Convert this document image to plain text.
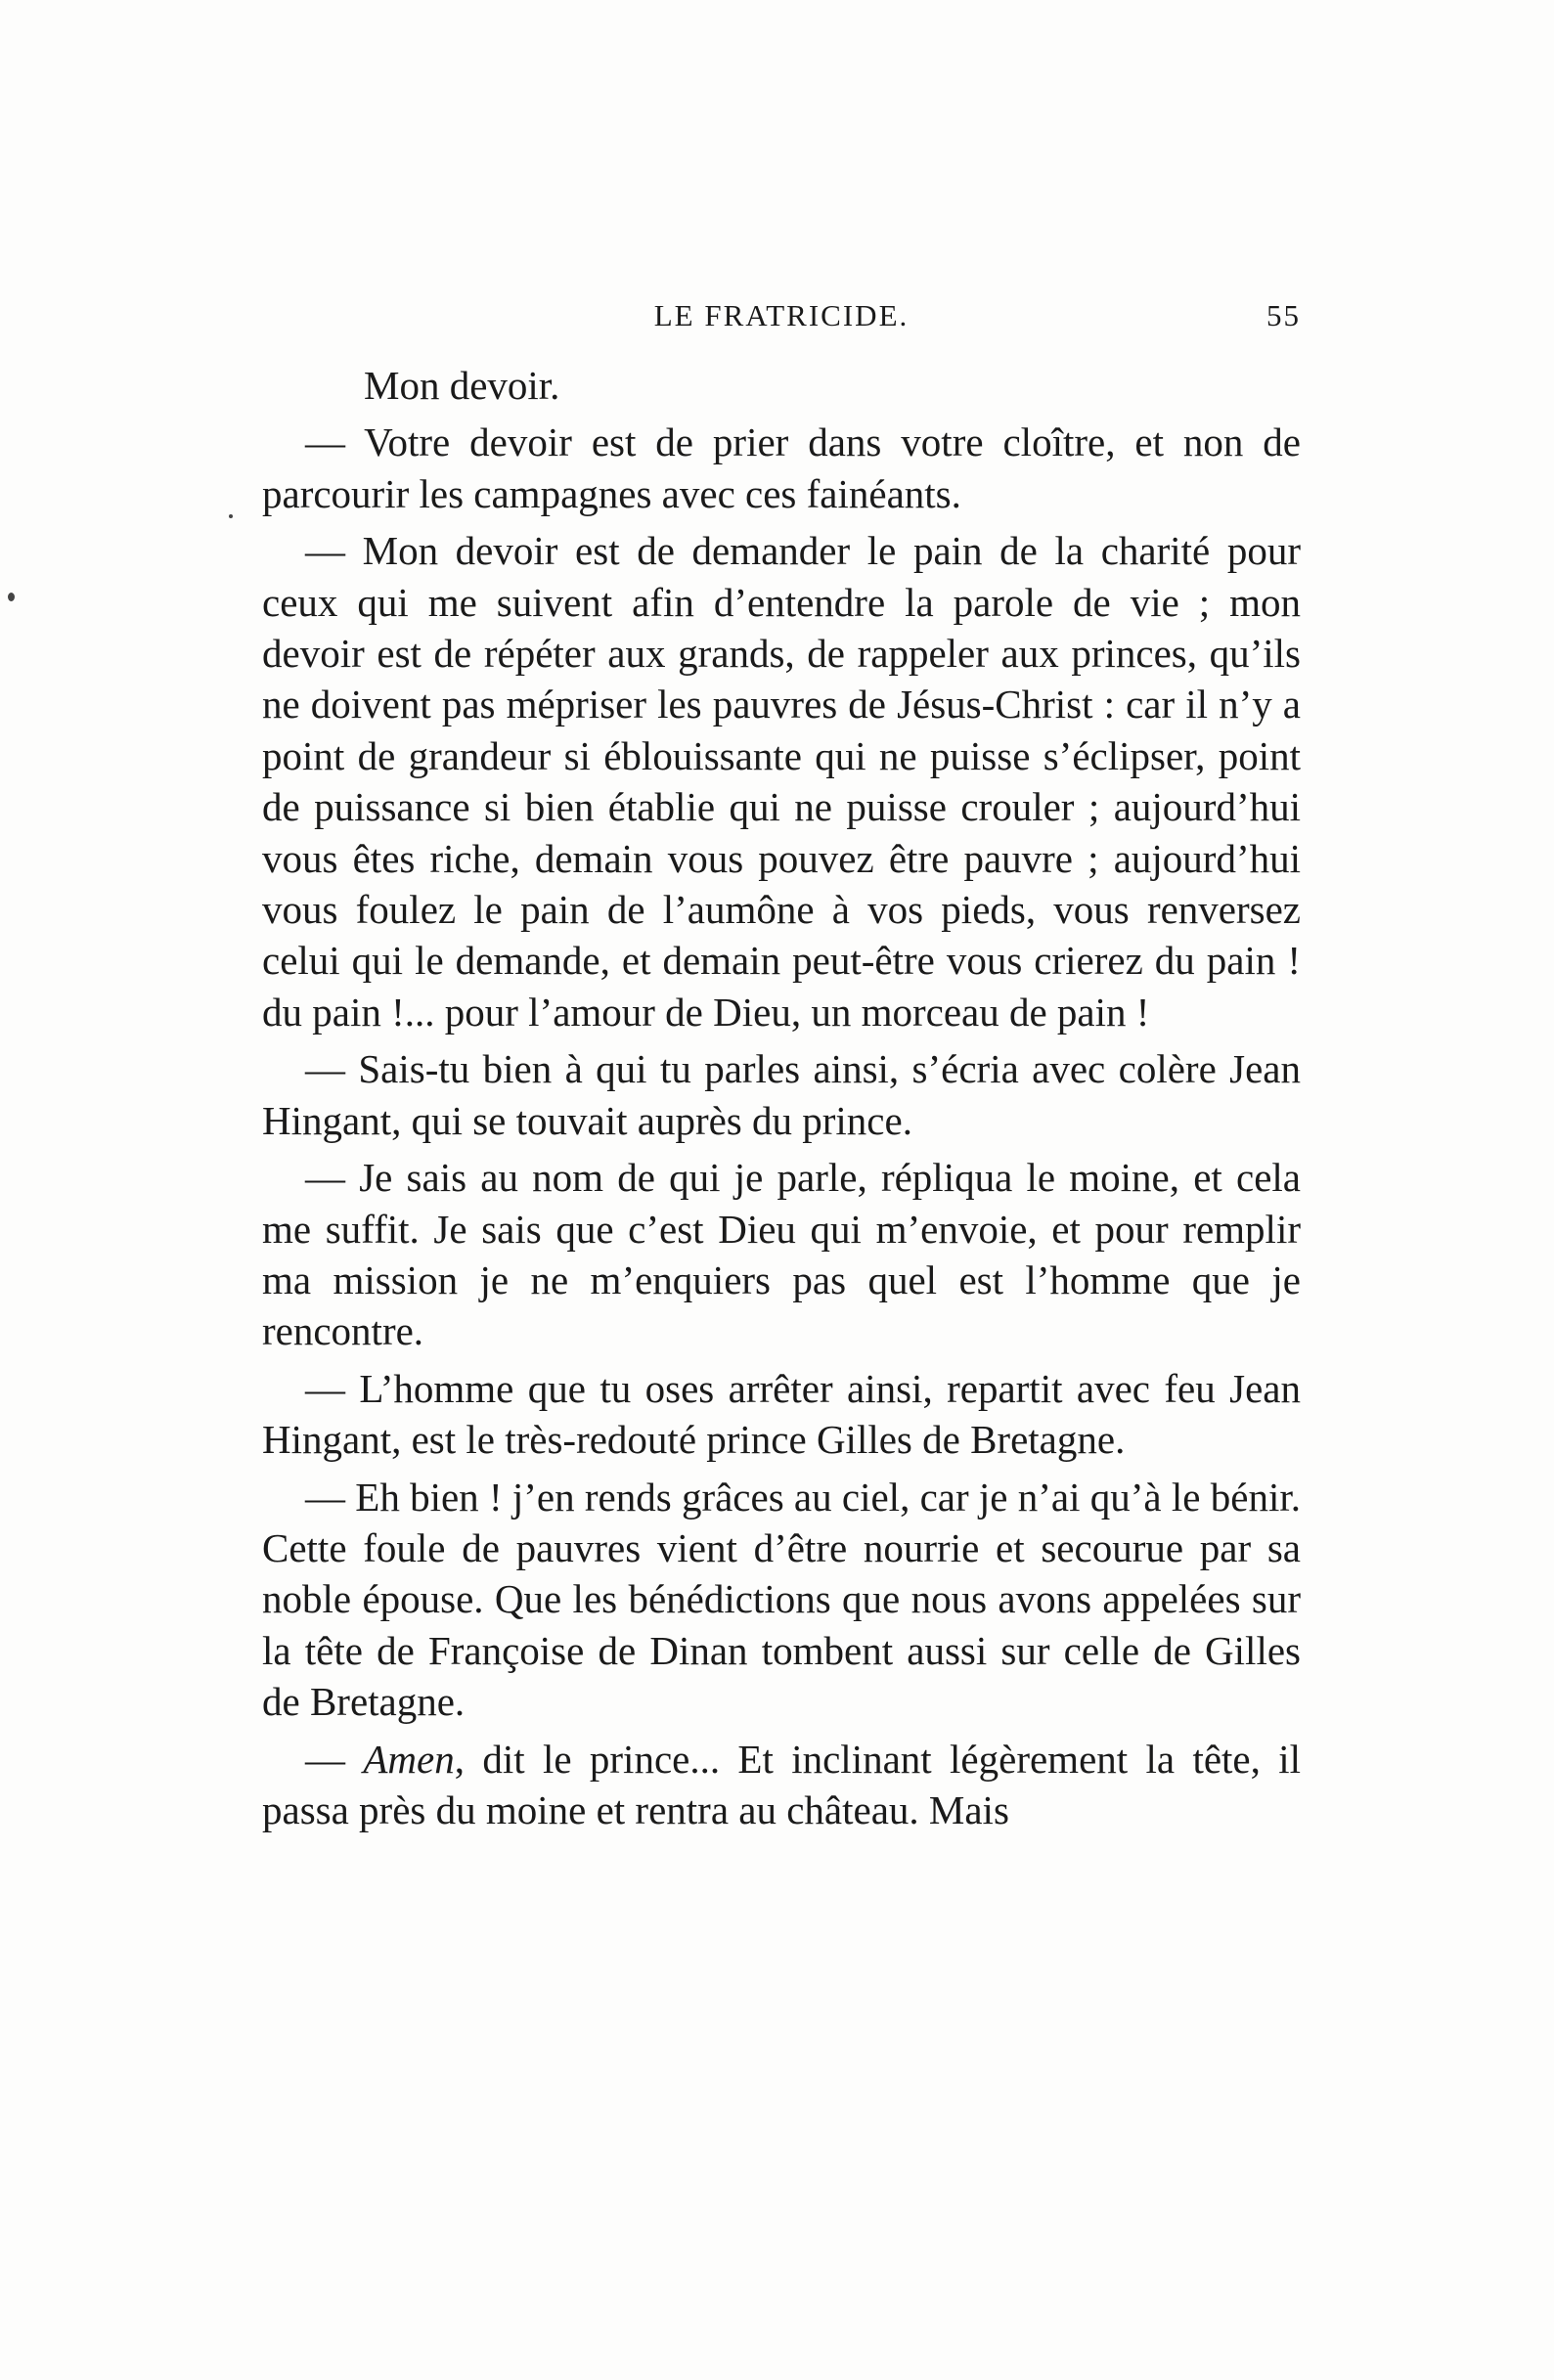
LE FRATRICIDE.	55

Mon devoir.

— Votre devoir est de prier dans votre cloître, et non de parcourir les campagnes avec ces fainéants.

— Mon devoir est de demander le pain de la charité pour ceux qui me suivent afin d’entendre la parole de vie ; mon devoir est de répéter aux grands, de rappeler aux princes, qu’ils ne doivent pas mépriser les pauvres de Jésus-Christ : car il n’y a point de grandeur si éblouissante qui ne puisse s’éclipser, point de puissance si bien établie qui ne puisse crouler ; aujourd’hui vous êtes riche, demain vous pouvez être pauvre ; aujourd’hui vous foulez le pain de l’aumône à vos pieds, vous renversez celui qui le demande, et demain peut-être vous crierez du pain ! du pain !... pour l’amour de Dieu, un morceau de pain !

— Sais-tu bien à qui tu parles ainsi, s’écria avec colère Jean Hingant, qui se touvait auprès du prince.

— Je sais au nom de qui je parle, répliqua le moine, et cela me suffit. Je sais que c’est Dieu qui m’envoie, et pour remplir ma mission je ne m’enquiers pas quel est l’homme que je rencontre.

— L’homme que tu oses arrêter ainsi, repartit avec feu Jean Hingant, est le très-redouté prince Gilles de Bretagne.

— Eh bien ! j’en rends grâces au ciel, car je n’ai qu’à le bénir. Cette foule de pauvres vient d’être nourrie et secourue par sa noble épouse. Que les bénédictions que nous avons appelées sur la tête de Françoise de Dinan tombent aussi sur celle de Gilles de Bretagne.

— Amen, dit le prince... Et inclinant légèrement la tête, il passa près du moine et rentra au château. Mais
